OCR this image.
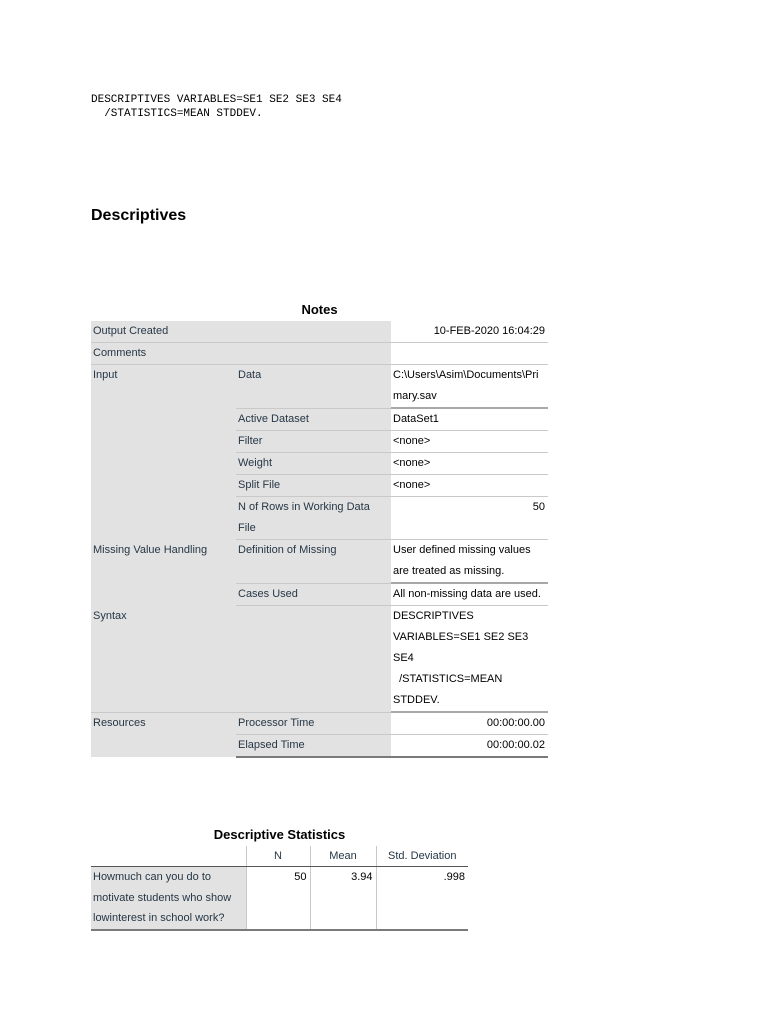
DESCRIPTIVES VARIABLES=SE1 SE2 SE3 SE4
/STATISTICS=MEAN STDDEV.
Descriptives
Notes
Output Created		10-FEB-2020 16:04:29
Comments		
Input	Data	C:\Users\Asim\Documents\Primary.sav
	Active Dataset	DataSet1
	Filter	<none>
	Weight	<none>
	Split File	<none>
	N of Rows in Working Data File	50
Missing Value Handling	Definition of Missing	User defined missing values are treated as missing.
	Cases Used	All non-missing data are used.
Syntax		DESCRIPTIVES VARIABLES=SE1 SE2 SE3 SE4
/STATISTICS=MEAN STDDEV.
Resources	Processor Time	00:00:00.00
	Elapsed Time	00:00:00.02
Descriptive Statistics
	N	Mean	Std. Deviation
Howmuch can you do to motivate students who show lowinterest in school work?	50	3.94	.998
